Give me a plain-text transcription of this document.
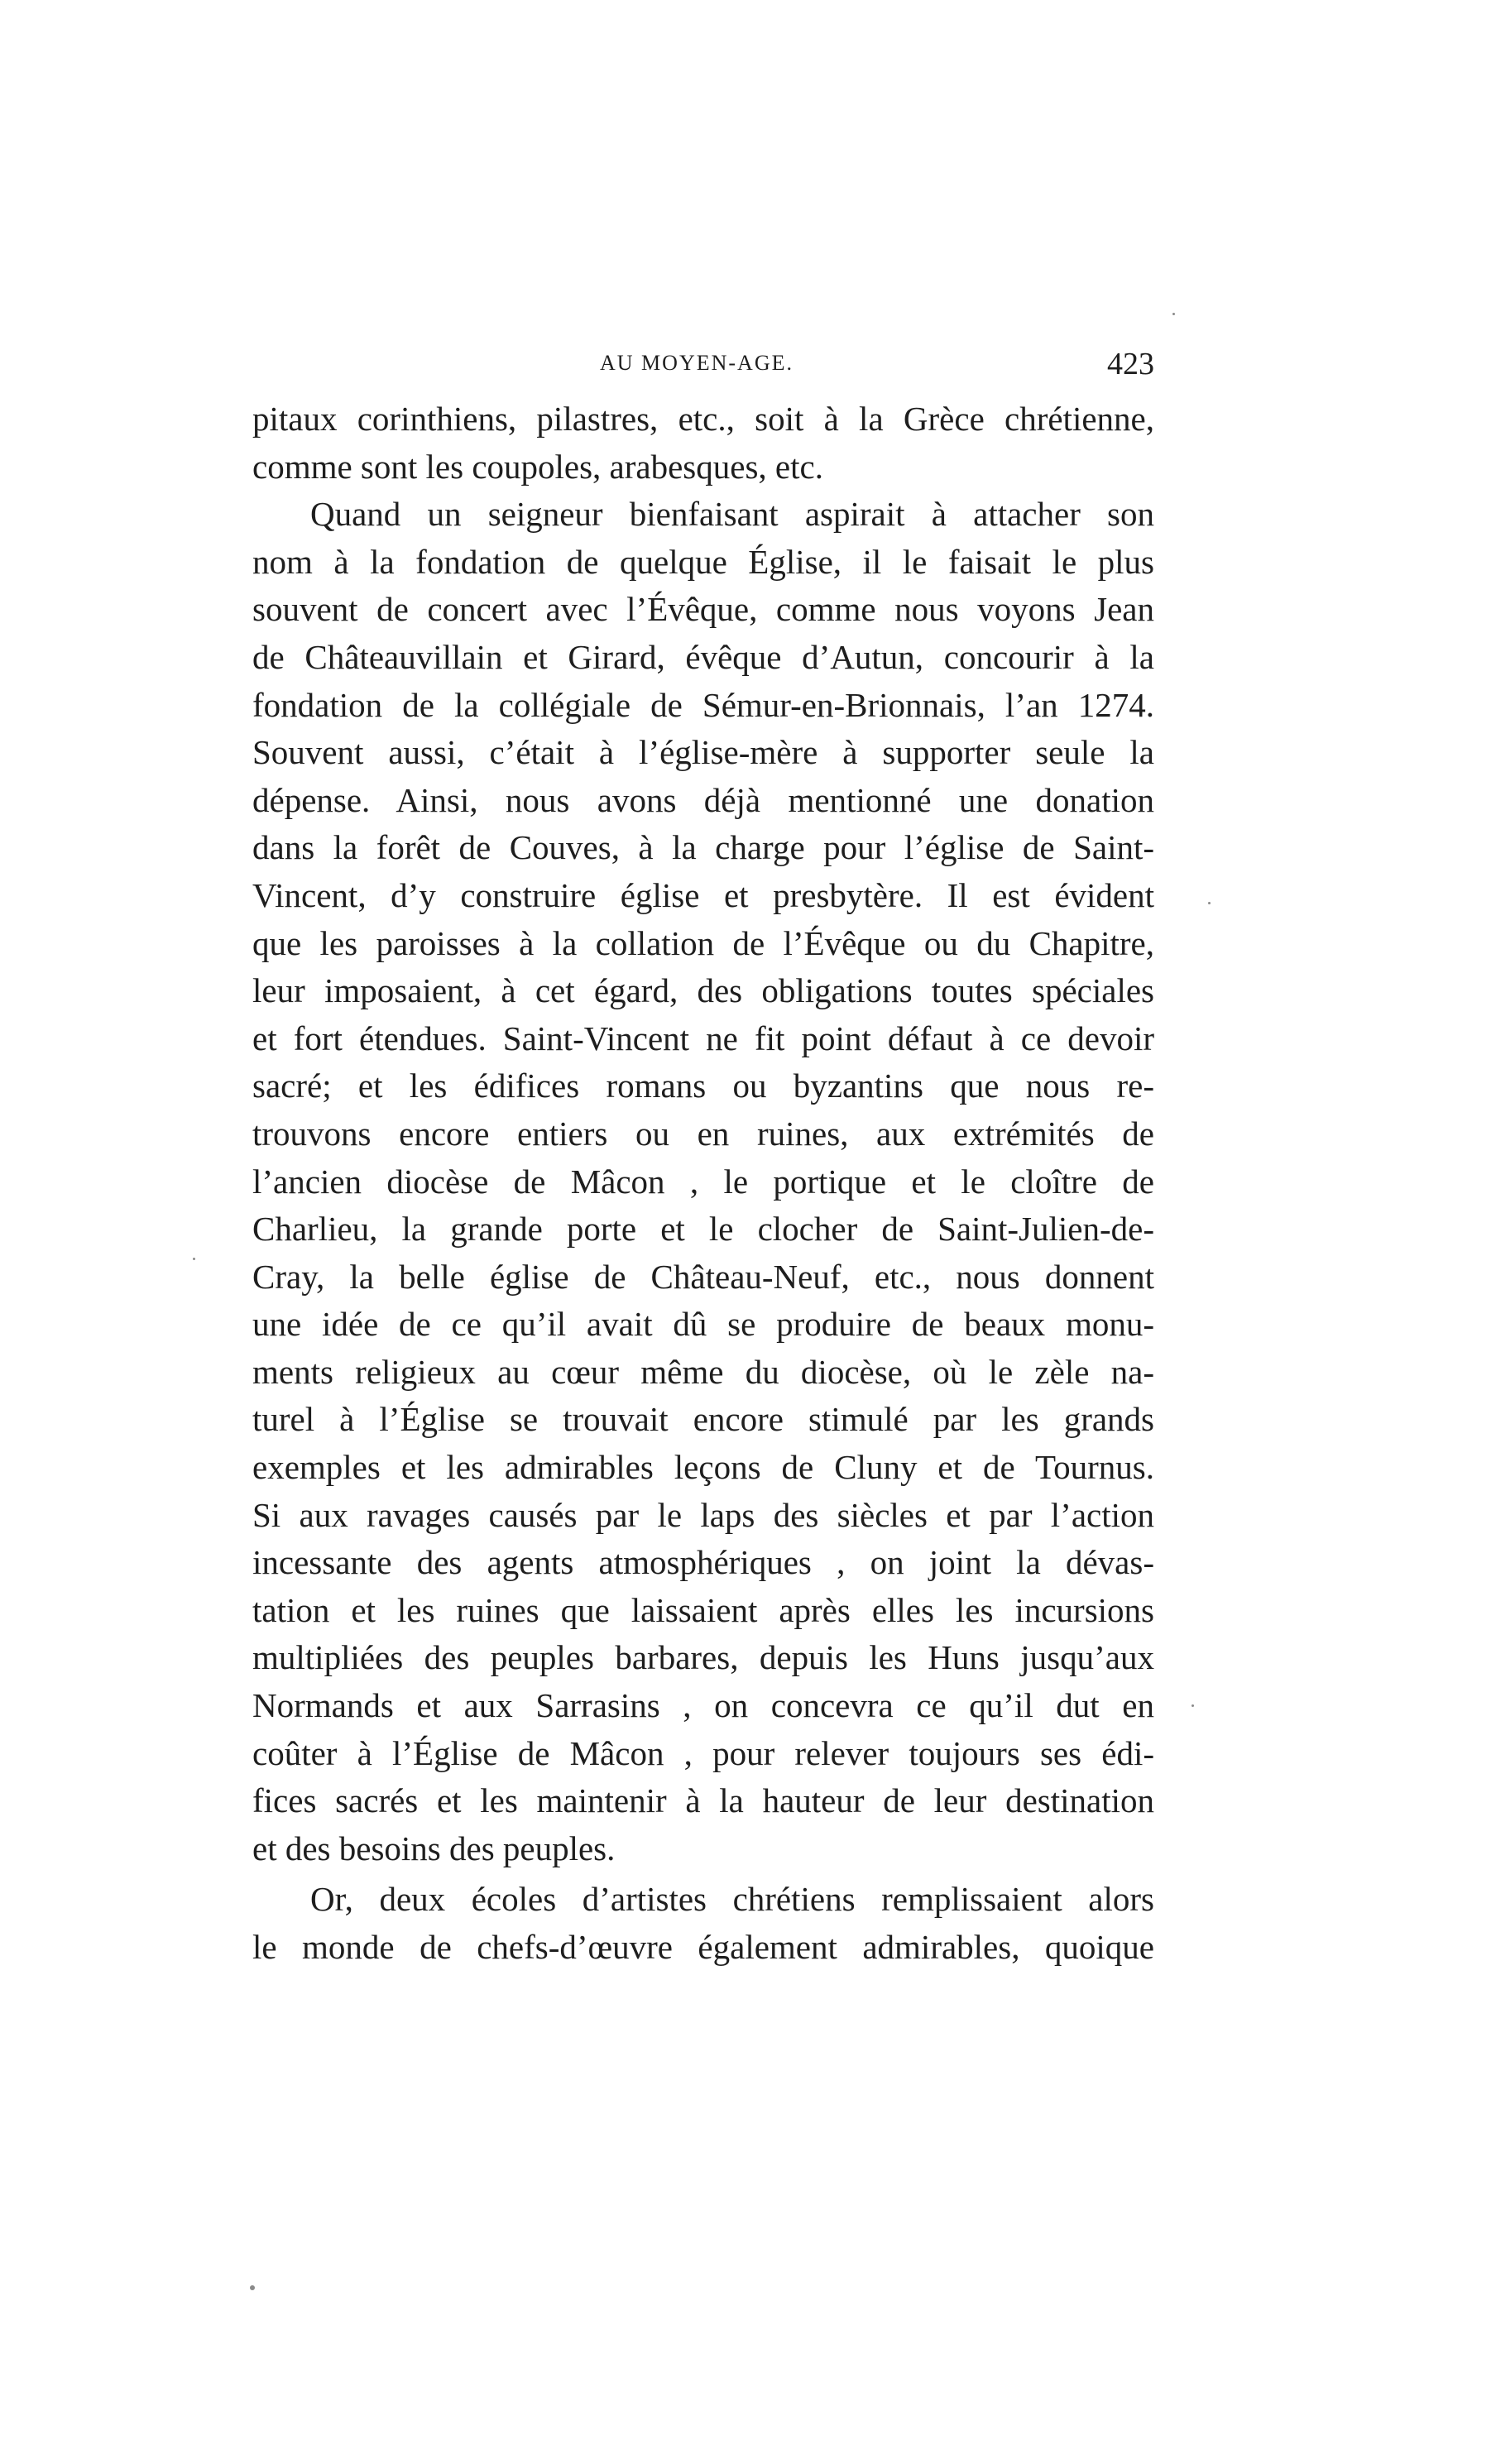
AU MOYEN-AGE.	423
pitaux corinthiens, pilastres, etc., soit à la Grèce chrétienne,
comme sont les coupoles, arabesques, etc.
Quand un seigneur bienfaisant aspirait à attacher son
nom à la fondation de quelque Église, il le faisait le plus
souvent de concert avec l’Évêque, comme nous voyons Jean
de Châteauvillain et Girard, évêque d’Autun, concourir à la
fondation de la collégiale de Sémur-en-Brionnais, l’an 1274.
Souvent aussi, c’était à l’église-mère à supporter seule la
dépense. Ainsi, nous avons déjà mentionné une donation
dans la forêt de Couves, à la charge pour l’église de Saint-
Vincent, d’y construire église et presbytère. Il est évident
que les paroisses à la collation de l’Évêque ou du Chapitre,
leur imposaient, à cet égard, des obligations toutes spéciales
et fort étendues. Saint-Vincent ne fit point défaut à ce devoir
sacré; et les édifices romans ou byzantins que nous re-
trouvons encore entiers ou en ruines, aux extrémités de
l’ancien diocèse de Mâcon , le portique et le cloître de
Charlieu, la grande porte et le clocher de Saint-Julien-de-
Cray, la belle église de Château-Neuf, etc., nous donnent
une idée de ce qu’il avait dû se produire de beaux monu-
ments religieux au cœur même du diocèse, où le zèle na-
turel à l’Église se trouvait encore stimulé par les grands
exemples et les admirables leçons de Cluny et de Tournus.
Si aux ravages causés par le laps des siècles et par l’action
incessante des agents atmosphériques , on joint la dévas-
tation et les ruines que laissaient après elles les incursions
multipliées des peuples barbares, depuis les Huns jusqu’aux
Normands et aux Sarrasins , on concevra ce qu’il dut en
coûter à l’Église de Mâcon , pour relever toujours ses édi-
fices sacrés et les maintenir à la hauteur de leur destination
et des besoins des peuples.
Or, deux écoles d’artistes chrétiens remplissaient alors
le monde de chefs-d’œuvre également admirables, quoique
